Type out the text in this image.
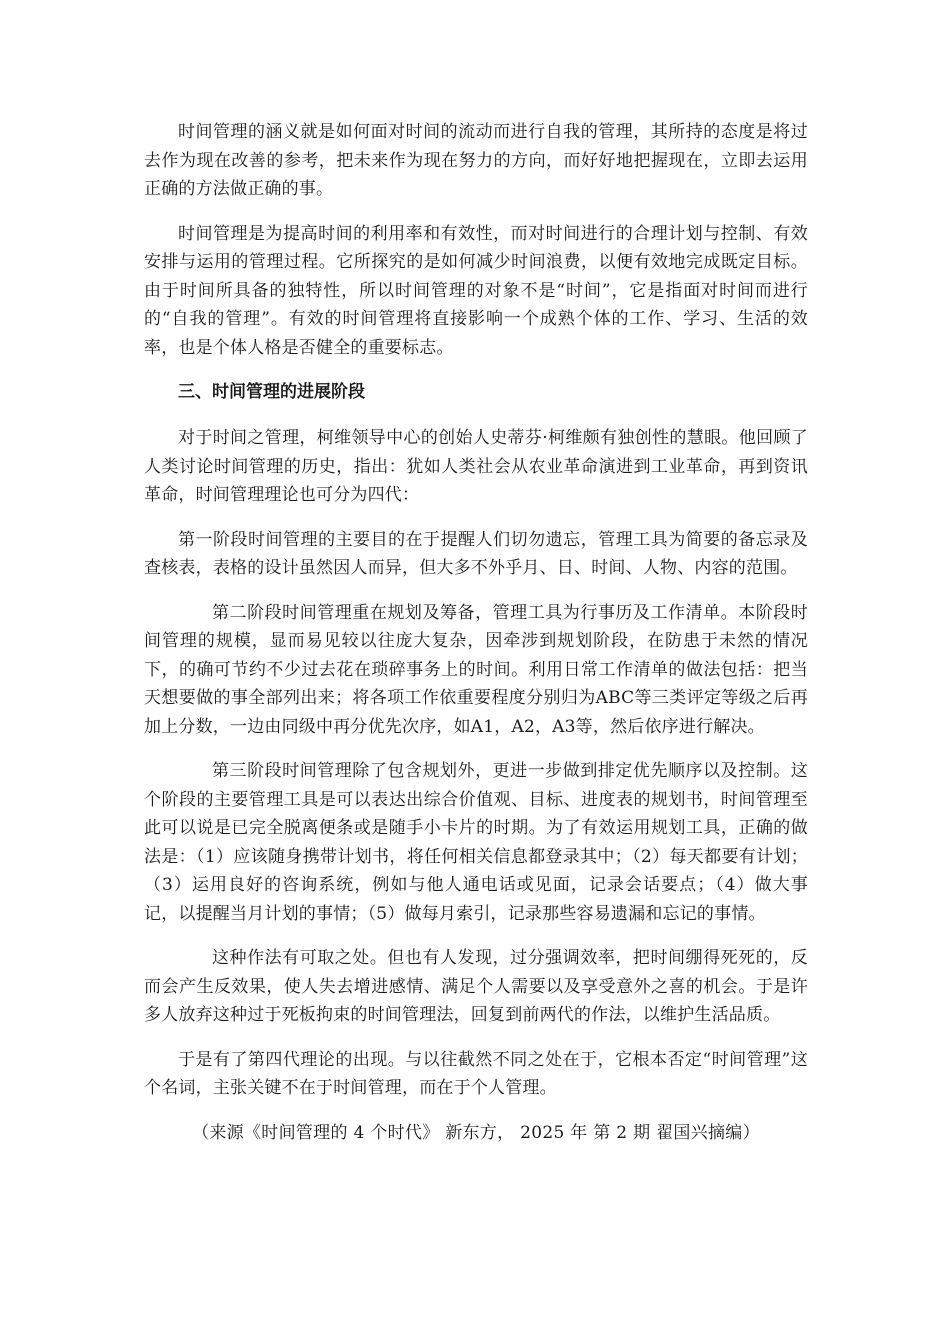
时间管理的涵义就是如何面对时间的流动而进行自我的管理，其所持的态度是将过去作为现在改善的参考，把未来作为现在努力的方向，而好好地把握现在，立即去运用正确的方法做正确的事。

时间管理是为提高时间的利用率和有效性，而对时间进行的合理计划与控制、有效安排与运用的管理过程。它所探究的是如何减少时间浪费，以便有效地完成既定目标。由于时间所具备的独特性，所以时间管理的对象不是“时间”，它是指面对时间而进行的“自我的管理”。有效的时间管理将直接影响一个成熟个体的工作、学习、生活的效率，也是个体人格是否健全的重要标志。

三、时间管理的进展阶段

对于时间之管理，柯维领导中心的创始人史蒂芬·柯维颇有独创性的慧眼。他回顾了人类讨论时间管理的历史，指出：犹如人类社会从农业革命演进到工业革命，再到资讯革命，时间管理理论也可分为四代：

第一阶段时间管理的主要目的在于提醒人们切勿遗忘，管理工具为简要的备忘录及查核表，表格的设计虽然因人而异，但大多不外乎月、日、时间、人物、内容的范围。

第二阶段时间管理重在规划及筹备，管理工具为行事历及工作清单。本阶段时间管理的规模，显而易见较以往庞大复杂，因牵涉到规划阶段，在防患于未然的情况下，的确可节约不少过去花在琐碎事务上的时间。利用日常工作清单的做法包括：把当天想要做的事全部列出来；将各项工作依重要程度分别归为ABC等三类评定等级之后再加上分数，一边由同级中再分优先次序，如A1，A2，A3等，然后依序进行解决。

第三阶段时间管理除了包含规划外，更进一步做到排定优先顺序以及控制。这个阶段的主要管理工具是可以表达出综合价值观、目标、进度表的规划书，时间管理至此可以说是已完全脱离便条或是随手小卡片的时期。为了有效运用规划工具，正确的做法是：（1）应该随身携带计划书，将任何相关信息都登录其中；（2）每天都要有计划；（3）运用良好的咨询系统，例如与他人通电话或见面，记录会话要点；（4）做大事记，以提醒当月计划的事情；（5）做每月索引，记录那些容易遗漏和忘记的事情。

这种作法有可取之处。但也有人发现，过分强调效率，把时间绷得死死的，反而会产生反效果，使人失去增进感情、满足个人需要以及享受意外之喜的机会。于是许多人放弃这种过于死板拘束的时间管理法，回复到前两代的作法，以维护生活品质。

于是有了第四代理论的出现。与以往截然不同之处在于，它根本否定“时间管理”这个名词，主张关键不在于时间管理，而在于个人管理。

（来源《时间管理的 4 个时代》 新东方， 2025 年 第 2 期 翟国兴摘编）
